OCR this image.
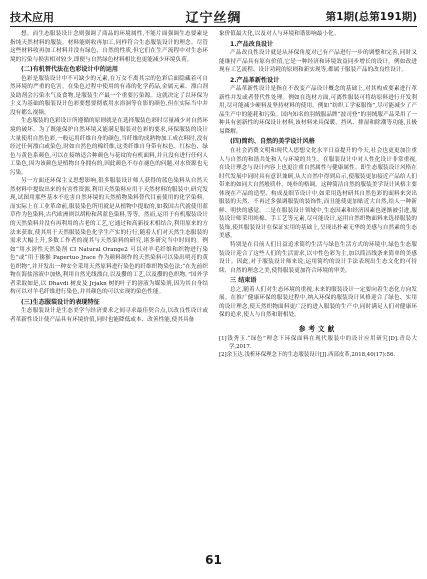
技术应用	辽宁丝绸	第1期(总第191期)

想。而生态服装设计念则强调了商品的环境属性,不能片面强调生态要素是指纯天然材料的服装。材料能则收再加工,同样符合生态服装设计的理念。尽管这些材料收再加工材料并没有绿色、自然的性质,但它们在生产流程中对生态环境的污染与损害相对较少,即便与自然绿色材料相比也更能减少环境负荷。

(二)有机替代法在色彩设计中的运用

色彩是服装设计中不可缺少的元素,在万女不离其宗的色彩后面隐藏着可自然环境的严重的危害。在染色过程中使用的有毒的化学药品,金属元素、漂白剂及助剂会污染水气及食物,是服装生产最一个重要污染源。这就决定了以环保为主义为基础的服装设计色彩要想要彻底用水浴洞等在影的颜色,但在实际当中并没有都么视频。

生态服装的色彩设计所遵循的原则就是在选择服装色彩时尽量减少对自然环境的破坏。为了既能保护自然环境又能满足服装对色彩的要求,环保服装的设计大量使用自然色彩,一般运用纤维自身的颜色,当纤维的成熟物加工成衣料时,没有经过任何漂白或染色,时如自然色的棉纤维,这类纤维自身带有棕色、红棕色、绿色与黄色系颜色,可以在接纳适合种颜色与花纹的有机面料,并且没有进行任何人工染色,因为该颜色是植物自身拥有的,因此颜色不存在褪色的问题,对水资源也无污染。

另一方面还环保主义思想影响,很多服装设计师人获得的蓝色染料从自然天然材料中提取出来的有害性资源,利用天然染料应用于天然材料的服装中,研究发现,试图用那些基本不危害自然环境的天然植物染料替代目前使用的化学染料。而实际上在工业革命前,服装染色所用就是从植物中提取的,如我国古代就使用蓝草作为色染料,古代欧洲则以胡粉和茜蓝色染料,等等。然而,运用于有机服装设计的天然染料并没有再利用的古老的工艺,它通过和高新技术相结合,利用原来的方法来获取,使其用于天然服装染色化学生产实的行行,随着人们对天然生态服装的需求大幅上升,多数工作者的视其与天然染料的研究,诸多研究当中时间的。例如“用水溶性天然染剂 CI Natural Orange2 可以对羊毛纤维和织物进行染色”或“用于猕猴 Papertuo Jrace 作为颜料制作的天然染料可以染出明亮的黄色织物”,并开发出一种安全采用天然原料进行染色的纤维织物染色法;“在先前织物在海盐溶液中加热,利用自然光线漂白,以及攒的工艺,以及攒的色织物。”国外学者采取如是,以 Dhavdi 树皮及 Jrjakn 树的叶子的溶液为媒染剂,因为其自身结构可以对羊毛纤维进行染色,并其颜色的可以实现的染色性能。

(三)生态服装设计的表现特征

生态服装设计是生态美学与经济要求之间寻求最佳契合点,以改良性设计或者革新性设计使产品具有环境价值,同时也能降低或本、改善性能,使其具备

象价值最大化,以及对人与环境和谐影响最小化。

1.产品改良设计

产品改良性设计就是从环保角度对已有产品进行一步的调整和完善,同时又能继持产品具有原有价值,它是一种经济和环境效益同步增长的设计。例如改进现有工艺流程、设计功耗的原则和新实现等,都属于服装产品的改良性设计。

2.产品革新性设计

产品革新性设计是指在不改变产品设计概念的基础上,对其构成要素进行革新性并发或者替代性处理。例如在选材方面,可离性服装可将纺原料进行开发利用,尽可能减少硬料及坚持材料的使用。例如“纺织工学家服饰”,尽可能减少了产品生产中的能耗和污染。国内知名的羽绒服品牌“波司登”的羽绒服产品采用了一种具有创新性的环保设计材料,该材料来具保暖、挡风、排湿和除潮等功能,且极易降解。

(四)简约、自然的美学设计风格

在社会消费文明和现代人思想文化水平日益提升的今天,社会也更更加注重人与自然的和谐共处和人与环境的共生。在服装设计中对人性化设计非常重视,在设计理念与设计内容上也更注重自然属性与健康属性。即生态服装设计风格在时代发展中同时具有意识兼顾,从大自然中得到启示,使服装更加接近产品给人们带来的如同大自然般质朴、纯朴的格调。这种简洁自然的服装美学设计风格主要体现在产品的造型、构成及细节设计中,如采用选材研其自然色彩的面料来突出服装的天然、不再过多强调服装的装饰性,而且能使更加贴近大自然,给人一种新鲜、明快的感觉。二是在服装设计领域中,生态因素和经济因素也逐渐被引进,服装设计师采用纯棉、手工艺等元素,尽可能设计,运用自然织物面料来选择服装的装饰,使其服装设计在保证实用的基础上,呈现出朴素无华的美感与自然素的生态美感。

特别是在目前人们日益追求简约生活与绿色生活方式的环境中,绿色生态服装设计迎合了这些人们的生活需求,以中性色彩为主,加以简洁线条来简单的美感设计。因此,对于服装设计师来说,运用简约的设计手法表现出生态文化的可持续、自然的理念之美,使得服装更加符合环境的审美。

三 结束语

总之,随着人们对生态环境的重视,未来的服装设计一定要向着生态化方向发展。在推广健康环保的服装过程中,纳入环保的服装设计风格迎合了绿色、实用的设计理念,使天然织物面料更广泛的进入服装的生产中,同时满足人们对健康环保的追求,使人与自然和谐相处。

参考文献

[1]钱秀玉.“绿色”理念下环保面料在现代服装中的设计应用研究[D].青岛大学,2017.

[2]余玉达.浅析环保理念下的生态服装设计[J].西部皮革,2018,40(17):56.

61
